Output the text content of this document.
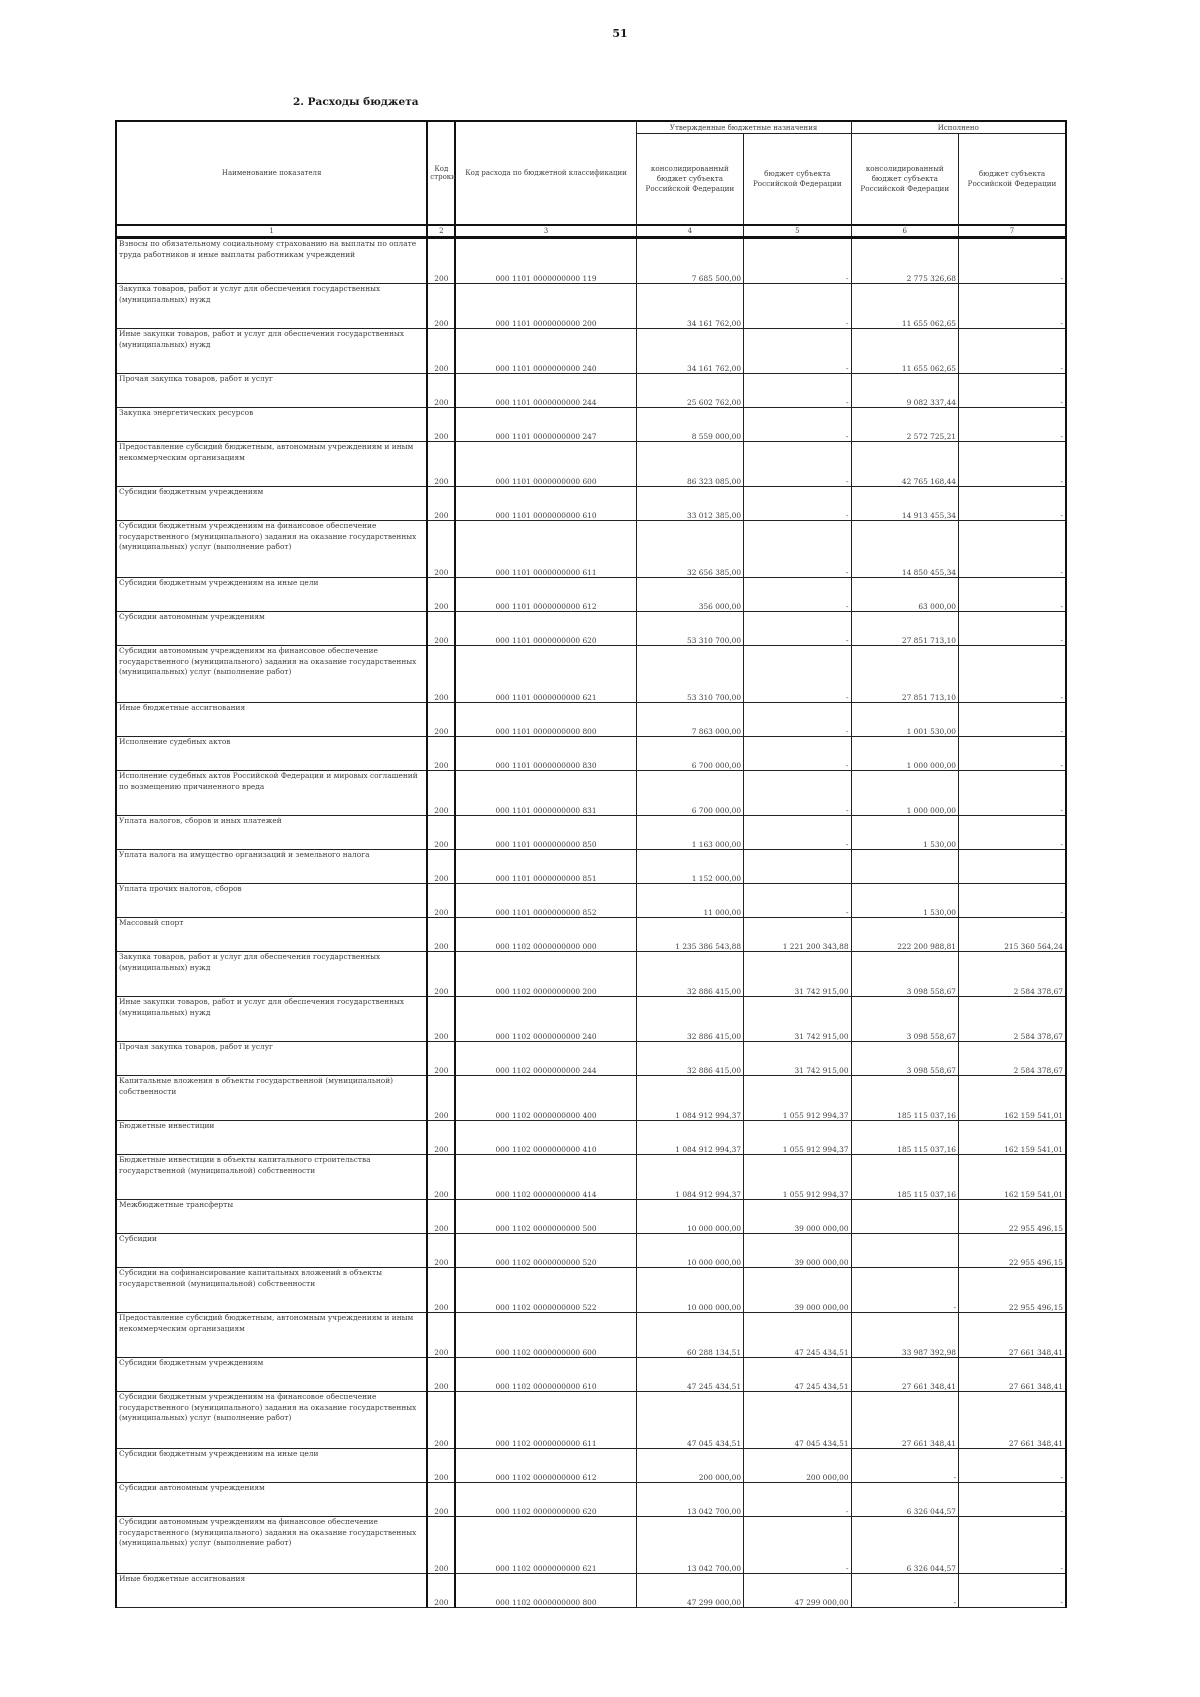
51
2. Расходы бюджета
Наименование показателя	Код строки	Код расхода по бюджетной классификации	Утвержденные бюджетные назначения		Исполнено	
			консолидированный бюджет субъекта Российской Федерации	бюджет субъекта Российской Федерации	консолидированный бюджет субъекта Российской Федерации	бюджет субъекта Российской Федерации
1	2	3	4	5	6	7
Взносы по обязательному социальному страхованию на выплаты по оплате труда работников и иные выплаты работникам учреждений	200	000 1101 0000000000 119	7 685 500,00	-	2 775 326,68	-
Закупка товаров, работ и услуг для обеспечения государственных (муниципальных) нужд	200	000 1101 0000000000 200	34 161 762,00	-	11 655 062,65	-
Иные закупки товаров, работ и услуг для обеспечения государственных (муниципальных) нужд	200	000 1101 0000000000 240	34 161 762,00	-	11 655 062,65	-
Прочая закупка товаров, работ и услуг	200	000 1101 0000000000 244	25 602 762,00	-	9 082 337,44	-
Закупка энергетических ресурсов	200	000 1101 0000000000 247	8 559 000,00	-	2 572 725,21	-
Предоставление субсидий бюджетным, автономным учреждениям и иным некоммерческим организациям	200	000 1101 0000000000 600	86 323 085,00	-	42 765 168,44	-
Субсидии бюджетным учреждениям	200	000 1101 0000000000 610	33 012 385,00	-	14 913 455,34	-
Субсидии бюджетным учреждениям на финансовое обеспечение государственного (муниципального) задания на оказание государственных (муниципальных) услуг (выполнение работ)	200	000 1101 0000000000 611	32 656 385,00	-	14 850 455,34	-
Субсидии бюджетным учреждениям на иные цели	200	000 1101 0000000000 612	356 000,00	-	63 000,00	-
Субсидии автономным учреждениям	200	000 1101 0000000000 620	53 310 700,00	-	27 851 713,10	-
Субсидии автономным учреждениям на финансовое обеспечение государственного (муниципального) задания на оказание государственных (муниципальных) услуг (выполнение работ)	200	000 1101 0000000000 621	53 310 700,00	-	27 851 713,10	-
Иные бюджетные ассигнования	200	000 1101 0000000000 800	7 863 000,00	-	1 001 530,00	-
Исполнение судебных актов	200	000 1101 0000000000 830	6 700 000,00	-	1 000 000,00	-
Исполнение судебных актов Российской Федерации и мировых соглашений по возмещению причиненного вреда	200	000 1101 0000000000 831	6 700 000,00	-	1 000 000,00	-
Уплата налогов, сборов и иных платежей	200	000 1101 0000000000 850	1 163 000,00	-	1 530,00	-
Уплата налога на имущество организаций и земельного налога	200	000 1101 0000000000 851	1 152 000,00			
Уплата прочих налогов, сборов	200	000 1101 0000000000 852	11 000,00	-	1 530,00	-
Массовый спорт	200	000 1102 0000000000 000	1 235 386 543,88	1 221 200 343,88	222 200 988,81	215 360 564,24
Закупка товаров, работ и услуг для обеспечения государственных (муниципальных) нужд	200	000 1102 0000000000 200	32 886 415,00	31 742 915,00	3 098 558,67	2 584 378,67
Иные закупки товаров, работ и услуг для обеспечения государственных (муниципальных) нужд	200	000 1102 0000000000 240	32 886 415,00	31 742 915,00	3 098 558,67	2 584 378,67
Прочая закупка товаров, работ и услуг	200	000 1102 0000000000 244	32 886 415,00	31 742 915,00	3 098 558,67	2 584 378,67
Капитальные вложения в объекты государственной (муниципальной) собственности	200	000 1102 0000000000 400	1 084 912 994,37	1 055 912 994,37	185 115 037,16	162 159 541,01
Бюджетные инвестиции	200	000 1102 0000000000 410	1 084 912 994,37	1 055 912 994,37	185 115 037,16	162 159 541,01
Бюджетные инвестиции в объекты капитального строительства государственной (муниципальной) собственности	200	000 1102 0000000000 414	1 084 912 994,37	1 055 912 994,37	185 115 037,16	162 159 541,01
Межбюджетные трансферты	200	000 1102 0000000000 500	10 000 000,00	39 000 000,00		22 955 496,15
Субсидии	200	000 1102 0000000000 520	10 000 000,00	39 000 000,00		22 955 496,15
Субсидии на софинансирование капитальных вложений в объекты государственной (муниципальной) собственности	200	000 1102 0000000000 522	10 000 000,00	39 000 000,00	-	22 955 496,15
Предоставление субсидий бюджетным, автономным учреждениям и иным некоммерческим организациям	200	000 1102 0000000000 600	60 288 134,51	47 245 434,51	33 987 392,98	27 661 348,41
Субсидии бюджетным учреждениям	200	000 1102 0000000000 610	47 245 434,51	47 245 434,51	27 661 348,41	27 661 348,41
Субсидии бюджетным учреждениям на финансовое обеспечение государственного (муниципального) задания на оказание государственных (муниципальных) услуг (выполнение работ)	200	000 1102 0000000000 611	47 045 434,51	47 045 434,51	27 661 348,41	27 661 348,41
Субсидии бюджетным учреждениям на иные цели	200	000 1102 0000000000 612	200 000,00	200 000,00	-	-
Субсидии автономным учреждениям	200	000 1102 0000000000 620	13 042 700,00	-	6 326 044,57	-
Субсидии автономным учреждениям на финансовое обеспечение государственного (муниципального) задания на оказание государственных (муниципальных) услуг (выполнение работ)	200	000 1102 0000000000 621	13 042 700,00	-	6 326 044,57	-
Иные бюджетные ассигнования	200	000 1102 0000000000 800	47 299 000,00	47 299 000,00	-	-
